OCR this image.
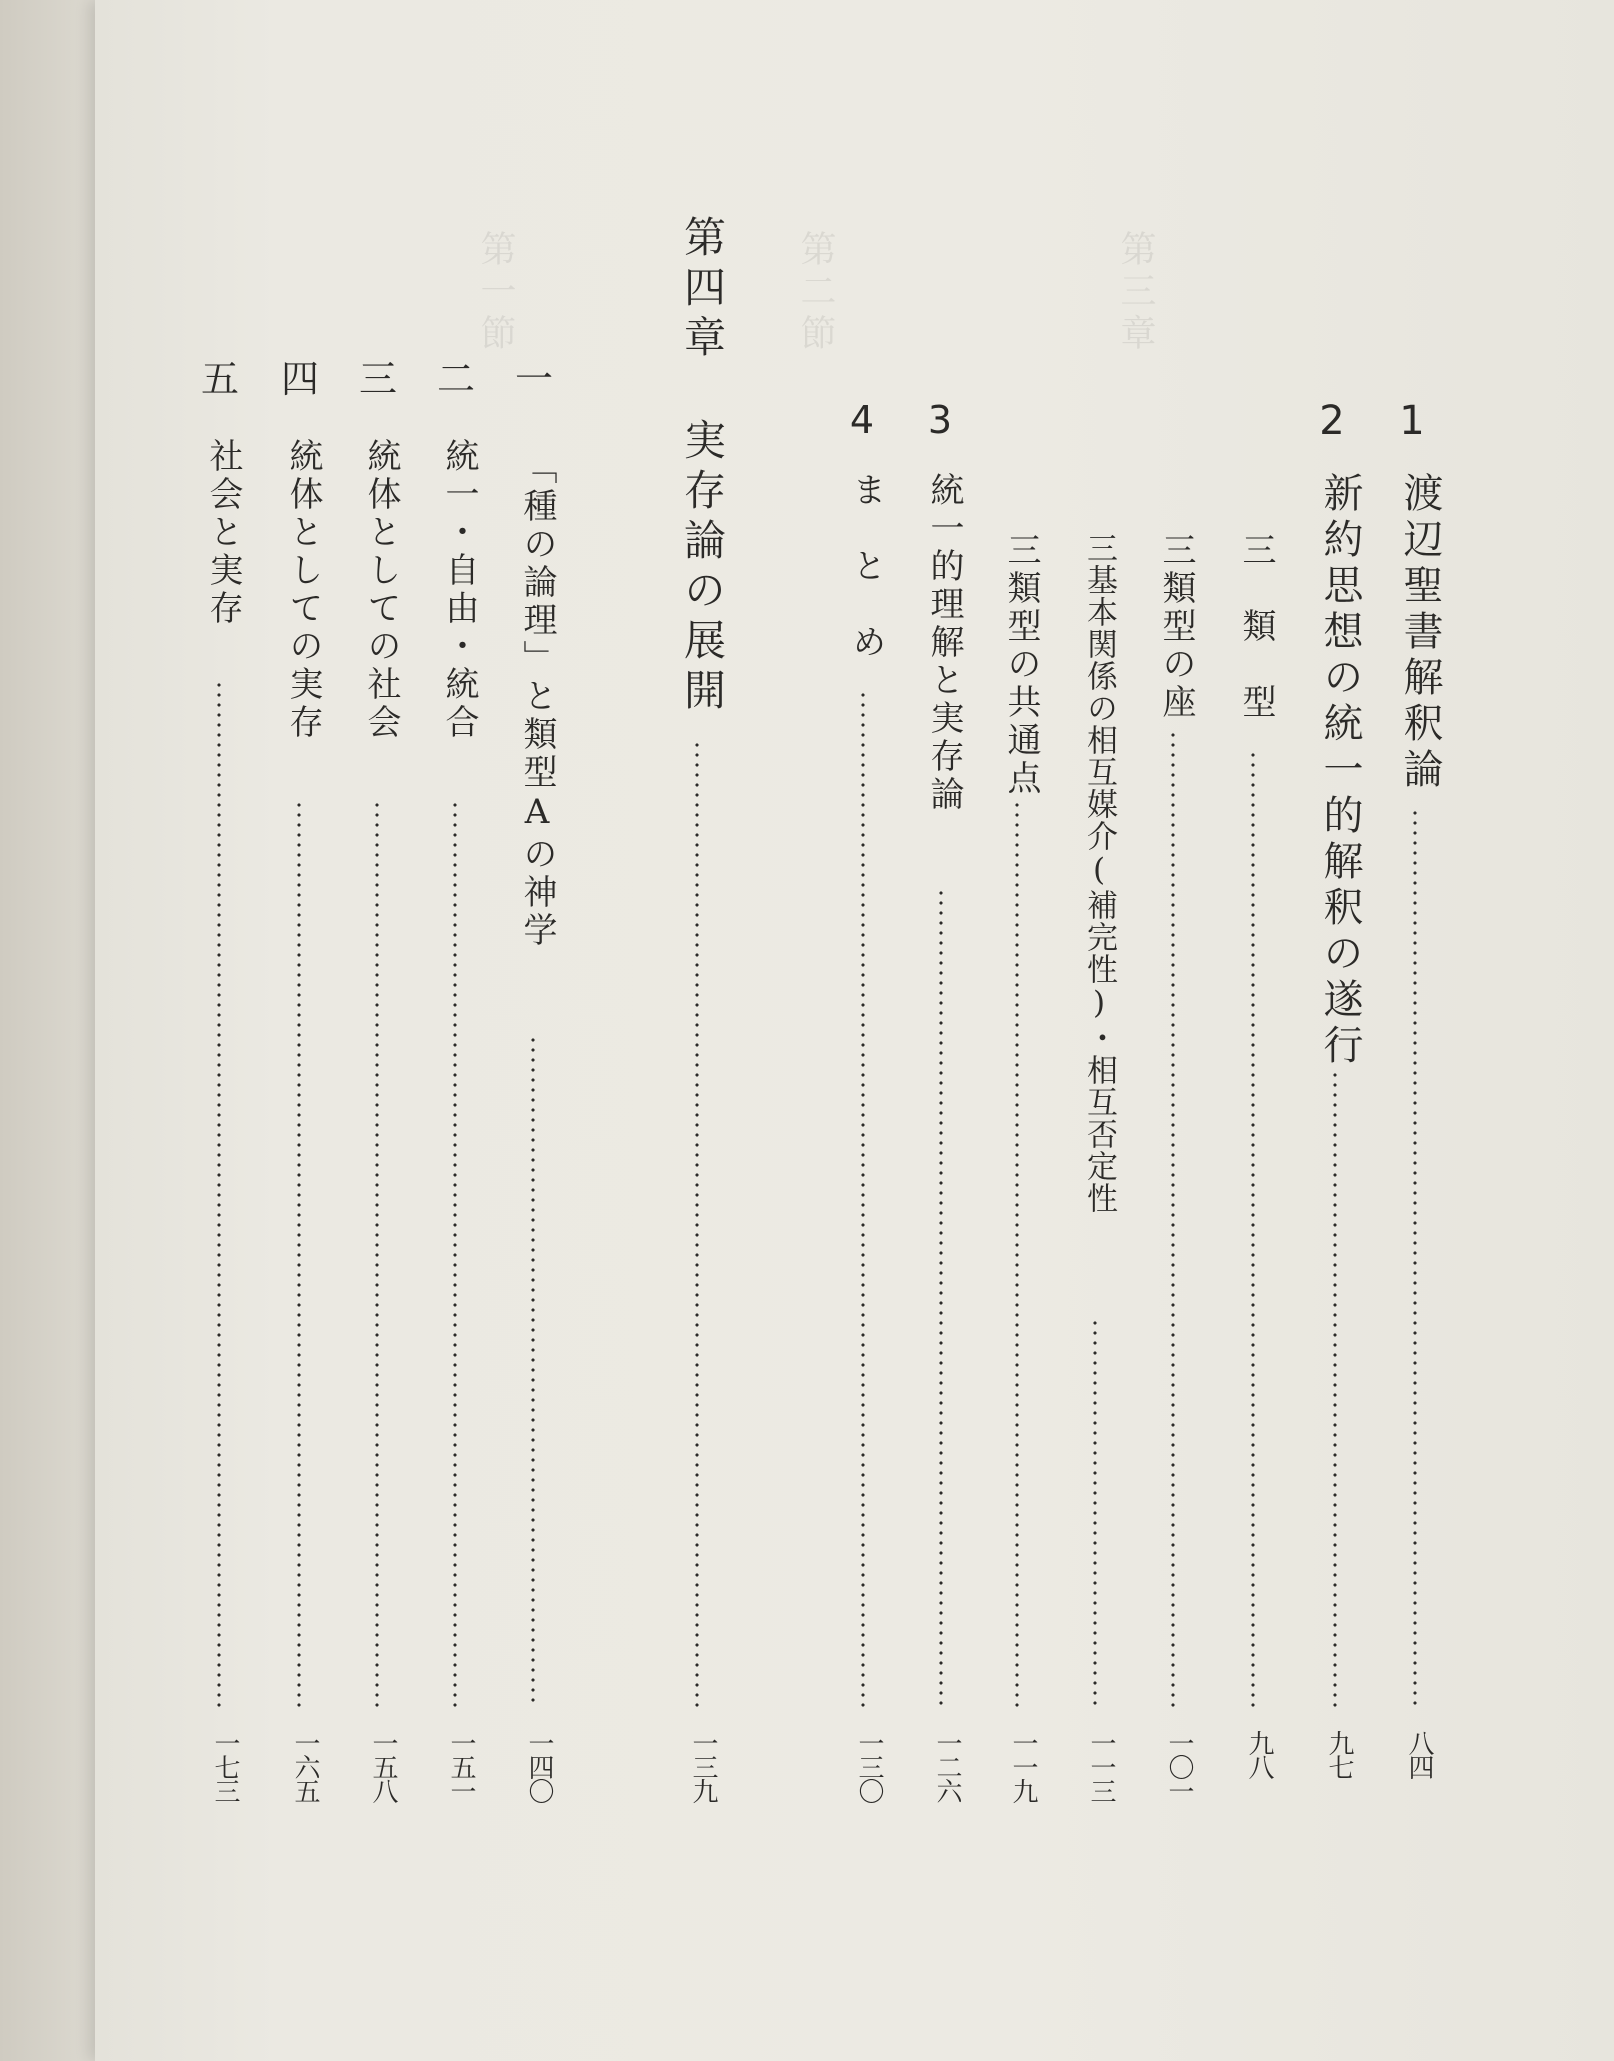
第三章
第二節
第一節
1
渡辺聖書解釈論
八四
2
新約思想の統一的解釈の遂行
九七
三　類　型
九八
三類型の座
一〇一
三基本関係の相互媒介(補完性)・相互否定性
一一三
三類型の共通点
一一九
3
統一的理解と実存論
一二六
4
ま　と　め
一三〇
第四章
実存論の展開
一三九
一
「種の論理」と類型Aの神学
一四〇
二
統一・自由・統合
一五一
三
統体としての社会
一五八
四
統体としての実存
一六五
五
社会と実存
一七三
